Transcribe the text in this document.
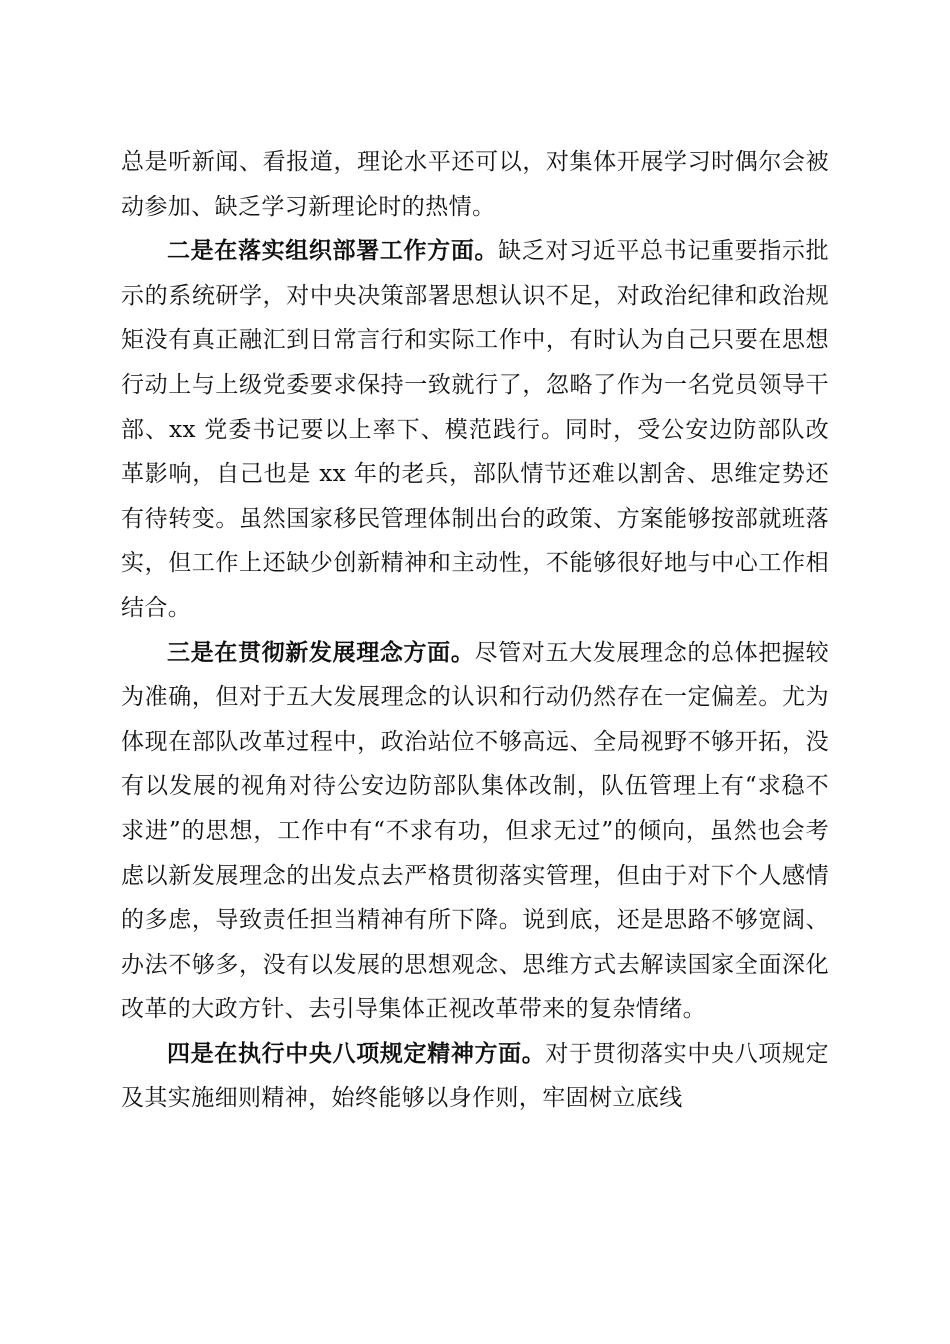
总是听新闻、看报道，理论水平还可以，对集体开展学习时偶尔会被动参加、缺乏学习新理论时的热情。

二是在落实组织部署工作方面。缺乏对习近平总书记重要指示批示的系统研学，对中央决策部署思想认识不足，对政治纪律和政治规矩没有真正融汇到日常言行和实际工作中，有时认为自己只要在思想行动上与上级党委要求保持一致就行了，忽略了作为一名党员领导干部、xx 党委书记要以上率下、模范践行。同时，受公安边防部队改革影响，自己也是 xx 年的老兵，部队情节还难以割舍、思维定势还有待转变。虽然国家移民管理体制出台的政策、方案能够按部就班落实，但工作上还缺少创新精神和主动性，不能够很好地与中心工作相结合。

三是在贯彻新发展理念方面。尽管对五大发展理念的总体把握较为准确，但对于五大发展理念的认识和行动仍然存在一定偏差。尤为体现在部队改革过程中，政治站位不够高远、全局视野不够开拓，没有以发展的视角对待公安边防部队集体改制，队伍管理上有“求稳不求进”的思想，工作中有“不求有功，但求无过”的倾向，虽然也会考虑以新发展理念的出发点去严格贯彻落实管理，但由于对下个人感情的多虑，导致责任担当精神有所下降。说到底，还是思路不够宽阔、办法不够多，没有以发展的思想观念、思维方式去解读国家全面深化改革的大政方针、去引导集体正视改革带来的复杂情绪。

四是在执行中央八项规定精神方面。对于贯彻落实中央八项规定及其实施细则精神，始终能够以身作则，牢固树立底线
